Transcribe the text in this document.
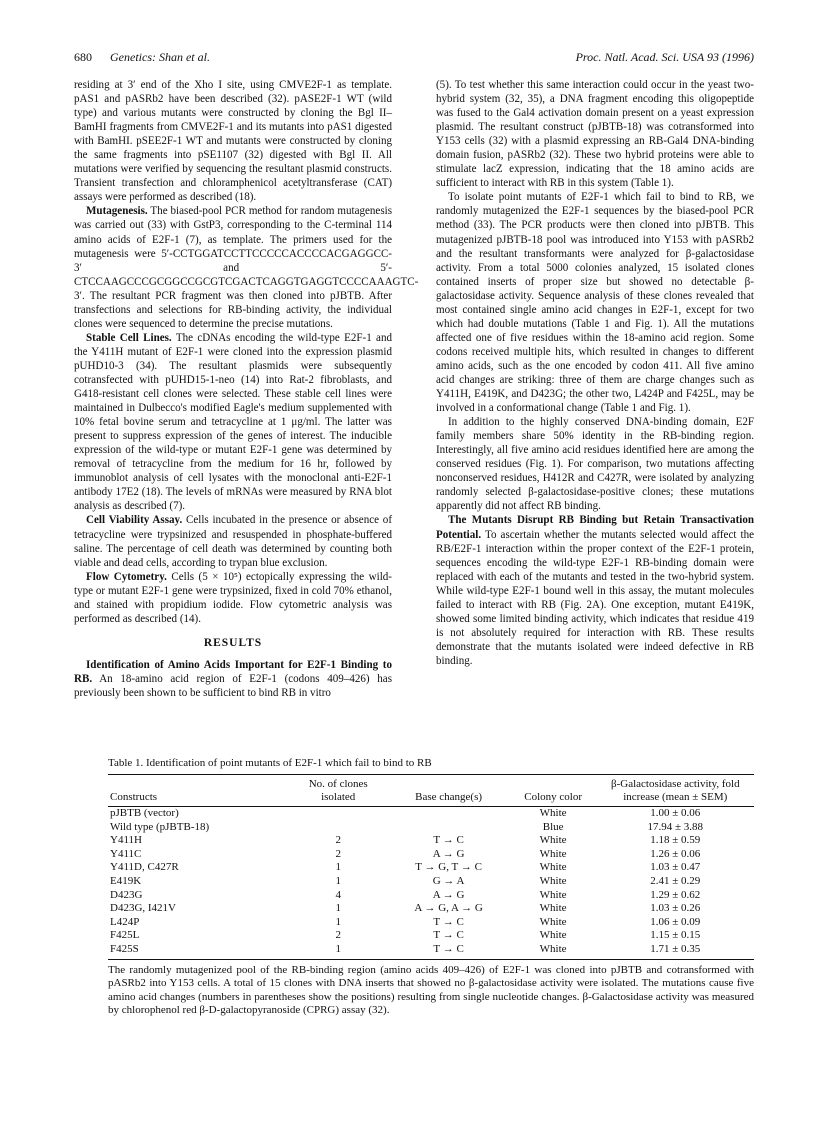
680 Genetics: Shan et al.	Proc. Natl. Acad. Sci. USA 93 (1996)

residing at 3′ end of the Xho I site, using CMVE2F-1 as template. pAS1 and pASRb2 have been described (32). pASE2F-1 WT (wild type) and various mutants were constructed by cloning the Bgl II–BamHI fragments from CMVE2F-1 and its mutants into pAS1 digested with BamHI. pSEE2F-1 WT and mutants were constructed by cloning the same fragments into pSE1107 (32) digested with Bgl II. All mutations were verified by sequencing the resultant plasmid constructs. Transient transfection and chloramphenicol acetyltransferase (CAT) assays were performed as described (18).

Mutagenesis. The biased-pool PCR method for random mutagenesis was carried out (33) with GstP3, corresponding to the C-terminal 114 amino acids of E2F-1 (7), as template. The primers used for the mutagenesis were 5′-CCTGGATCCTTCCCCCACCCCACGAGGCC-3′ and 5′-CTCCAAGCCCGCGGCCGCGTCGACTCAGGTGAGGTCCCCAAAGTC-3′. The resultant PCR fragment was then cloned into pJBTB. After transfections and selections for RB-binding activity, the individual clones were sequenced to determine the precise mutations.

Stable Cell Lines. The cDNAs encoding the wild-type E2F-1 and the Y411H mutant of E2F-1 were cloned into the expression plasmid pUHD10-3 (34). The resultant plasmids were subsequently cotransfected with pUHD15-1-neo (14) into Rat-2 fibroblasts, and G418-resistant cell clones were selected. These stable cell lines were maintained in Dulbecco's modified Eagle's medium supplemented with 10% fetal bovine serum and tetracycline at 1 μg/ml. The latter was present to suppress expression of the genes of interest. The inducible expression of the wild-type or mutant E2F-1 gene was determined by removal of tetracycline from the medium for 16 hr, followed by immunoblot analysis of cell lysates with the monoclonal anti-E2F-1 antibody 17E2 (18). The levels of mRNAs were measured by RNA blot analysis as described (7).

Cell Viability Assay. Cells incubated in the presence or absence of tetracycline were trypsinized and resuspended in phosphate-buffered saline. The percentage of cell death was determined by counting both viable and dead cells, according to trypan blue exclusion.

Flow Cytometry. Cells (5 × 10⁵) ectopically expressing the wild-type or mutant E2F-1 gene were trypsinized, fixed in cold 70% ethanol, and stained with propidium iodide. Flow cytometric analysis was performed as described (14).

RESULTS

Identification of Amino Acids Important for E2F-1 Binding to RB. An 18-amino acid region of E2F-1 (codons 409–426) has previously been shown to be sufficient to bind RB in vitro

(5). To test whether this same interaction could occur in the yeast two-hybrid system (32, 35), a DNA fragment encoding this oligopeptide was fused to the Gal4 activation domain present on a yeast expression plasmid. The resultant construct (pJBTB-18) was cotransformed into Y153 cells (32) with a plasmid expressing an RB-Gal4 DNA-binding domain fusion, pASRb2 (32). These two hybrid proteins were able to stimulate lacZ expression, indicating that the 18 amino acids are sufficient to interact with RB in this system (Table 1).

To isolate point mutants of E2F-1 which fail to bind to RB, we randomly mutagenized the E2F-1 sequences by the biased-pool PCR method (33). The PCR products were then cloned into pJBTB. This mutagenized pJBTB-18 pool was introduced into Y153 with pASRb2 and the resultant transformants were analyzed for β-galactosidase activity. From a total 5000 colonies analyzed, 15 isolated clones contained inserts of proper size but showed no detectable β-galactosidase activity. Sequence analysis of these clones revealed that most contained single amino acid changes in E2F-1, except for two which had double mutations (Table 1 and Fig. 1). All the mutations affected one of five residues within the 18-amino acid region. Some codons received multiple hits, which resulted in changes to different amino acids, such as the one encoded by codon 411. All five amino acid changes are striking: three of them are charge changes such as Y411H, E419K, and D423G; the other two, L424P and F425L, may be involved in a conformational change (Table 1 and Fig. 1).

In addition to the highly conserved DNA-binding domain, E2F family members share 50% identity in the RB-binding region. Interestingly, all five amino acid residues identified here are among the conserved residues (Fig. 1). For comparison, two mutations affecting nonconserved residues, H412R and C427R, were isolated by analyzing randomly selected β-galactosidase-positive clones; these mutations apparently did not affect RB binding.

The Mutants Disrupt RB Binding but Retain Transactivation Potential. To ascertain whether the mutants selected would affect the RB/E2F-1 interaction within the proper context of the E2F-1 protein, sequences encoding the wild-type E2F-1 RB-binding domain were replaced with each of the mutants and tested in the two-hybrid system. While wild-type E2F-1 bound well in this assay, the mutant molecules failed to interact with RB (Fig. 2A). One exception, mutant E419K, showed some limited binding activity, which indicates that residue 419 is not absolutely required for interaction with RB. These results demonstrate that the mutants isolated were indeed defective in RB binding.

Table 1. Identification of point mutants of E2F-1 which fail to bind to RB

Constructs	No. of clones isolated	Base change(s)	Colony color	β-Galactosidase activity, fold increase (mean ± SEM)
pJBTB (vector)			White	1.00 ± 0.06
Wild type (pJBTB-18)			Blue	17.94 ± 3.88
Y411H	2	T → C	White	1.18 ± 0.59
Y411C	2	A → G	White	1.26 ± 0.06
Y411D, C427R	1	T → G, T → C	White	1.03 ± 0.47
E419K	1	G → A	White	2.41 ± 0.29
D423G	4	A → G	White	1.29 ± 0.62
D423G, I421V	1	A → G, A → G	White	1.03 ± 0.26
L424P	1	T → C	White	1.06 ± 0.09
F425L	2	T → C	White	1.15 ± 0.15
F425S	1	T → C	White	1.71 ± 0.35

The randomly mutagenized pool of the RB-binding region (amino acids 409–426) of E2F-1 was cloned into pJBTB and cotransformed with pASRb2 into Y153 cells. A total of 15 clones with DNA inserts that showed no β-galactosidase activity were isolated. The mutations cause five amino acid changes (numbers in parentheses show the positions) resulting from single nucleotide changes. β-Galactosidase activity was measured by chlorophenol red β-D-galactopyranoside (CPRG) assay (32).
